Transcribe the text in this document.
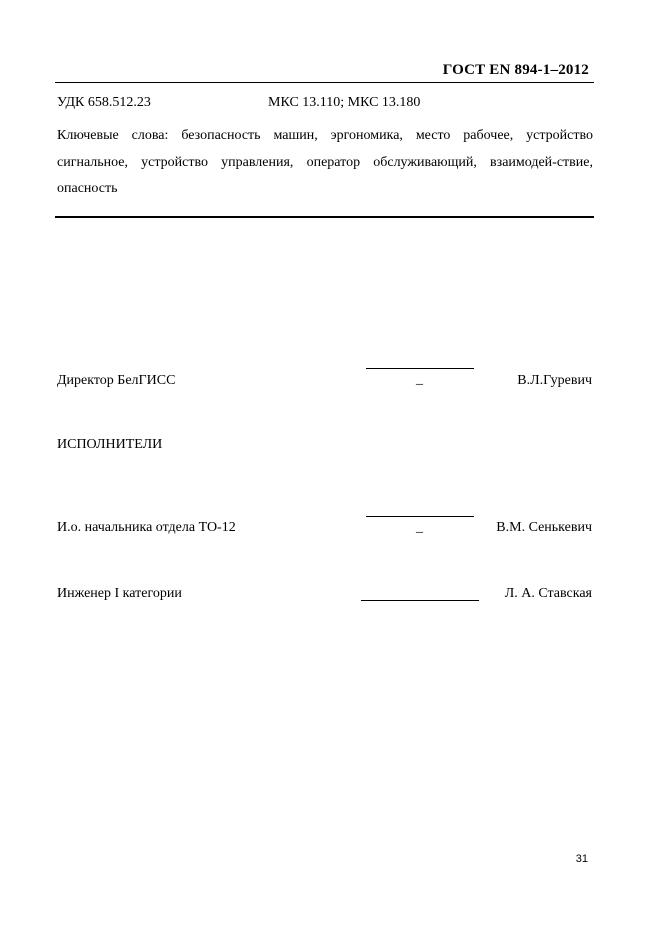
ГОСТ EN 894-1–2012
УДК 658.512.23	МКС 13.110; МКС 13.180

Ключевые слова: безопасность машин, эргономика, место рабочее, устройство сигнальное, устройство управления, оператор обслуживающий, взаимодей-ствие, опасность

Директор БелГИСС	_	В.Л.Гуревич
ИСПОЛНИТЕЛИ
И.о. начальника отдела ТО-12	_	В.М. Сенькевич
Инженер I категории	Л. А. Ставская
31
